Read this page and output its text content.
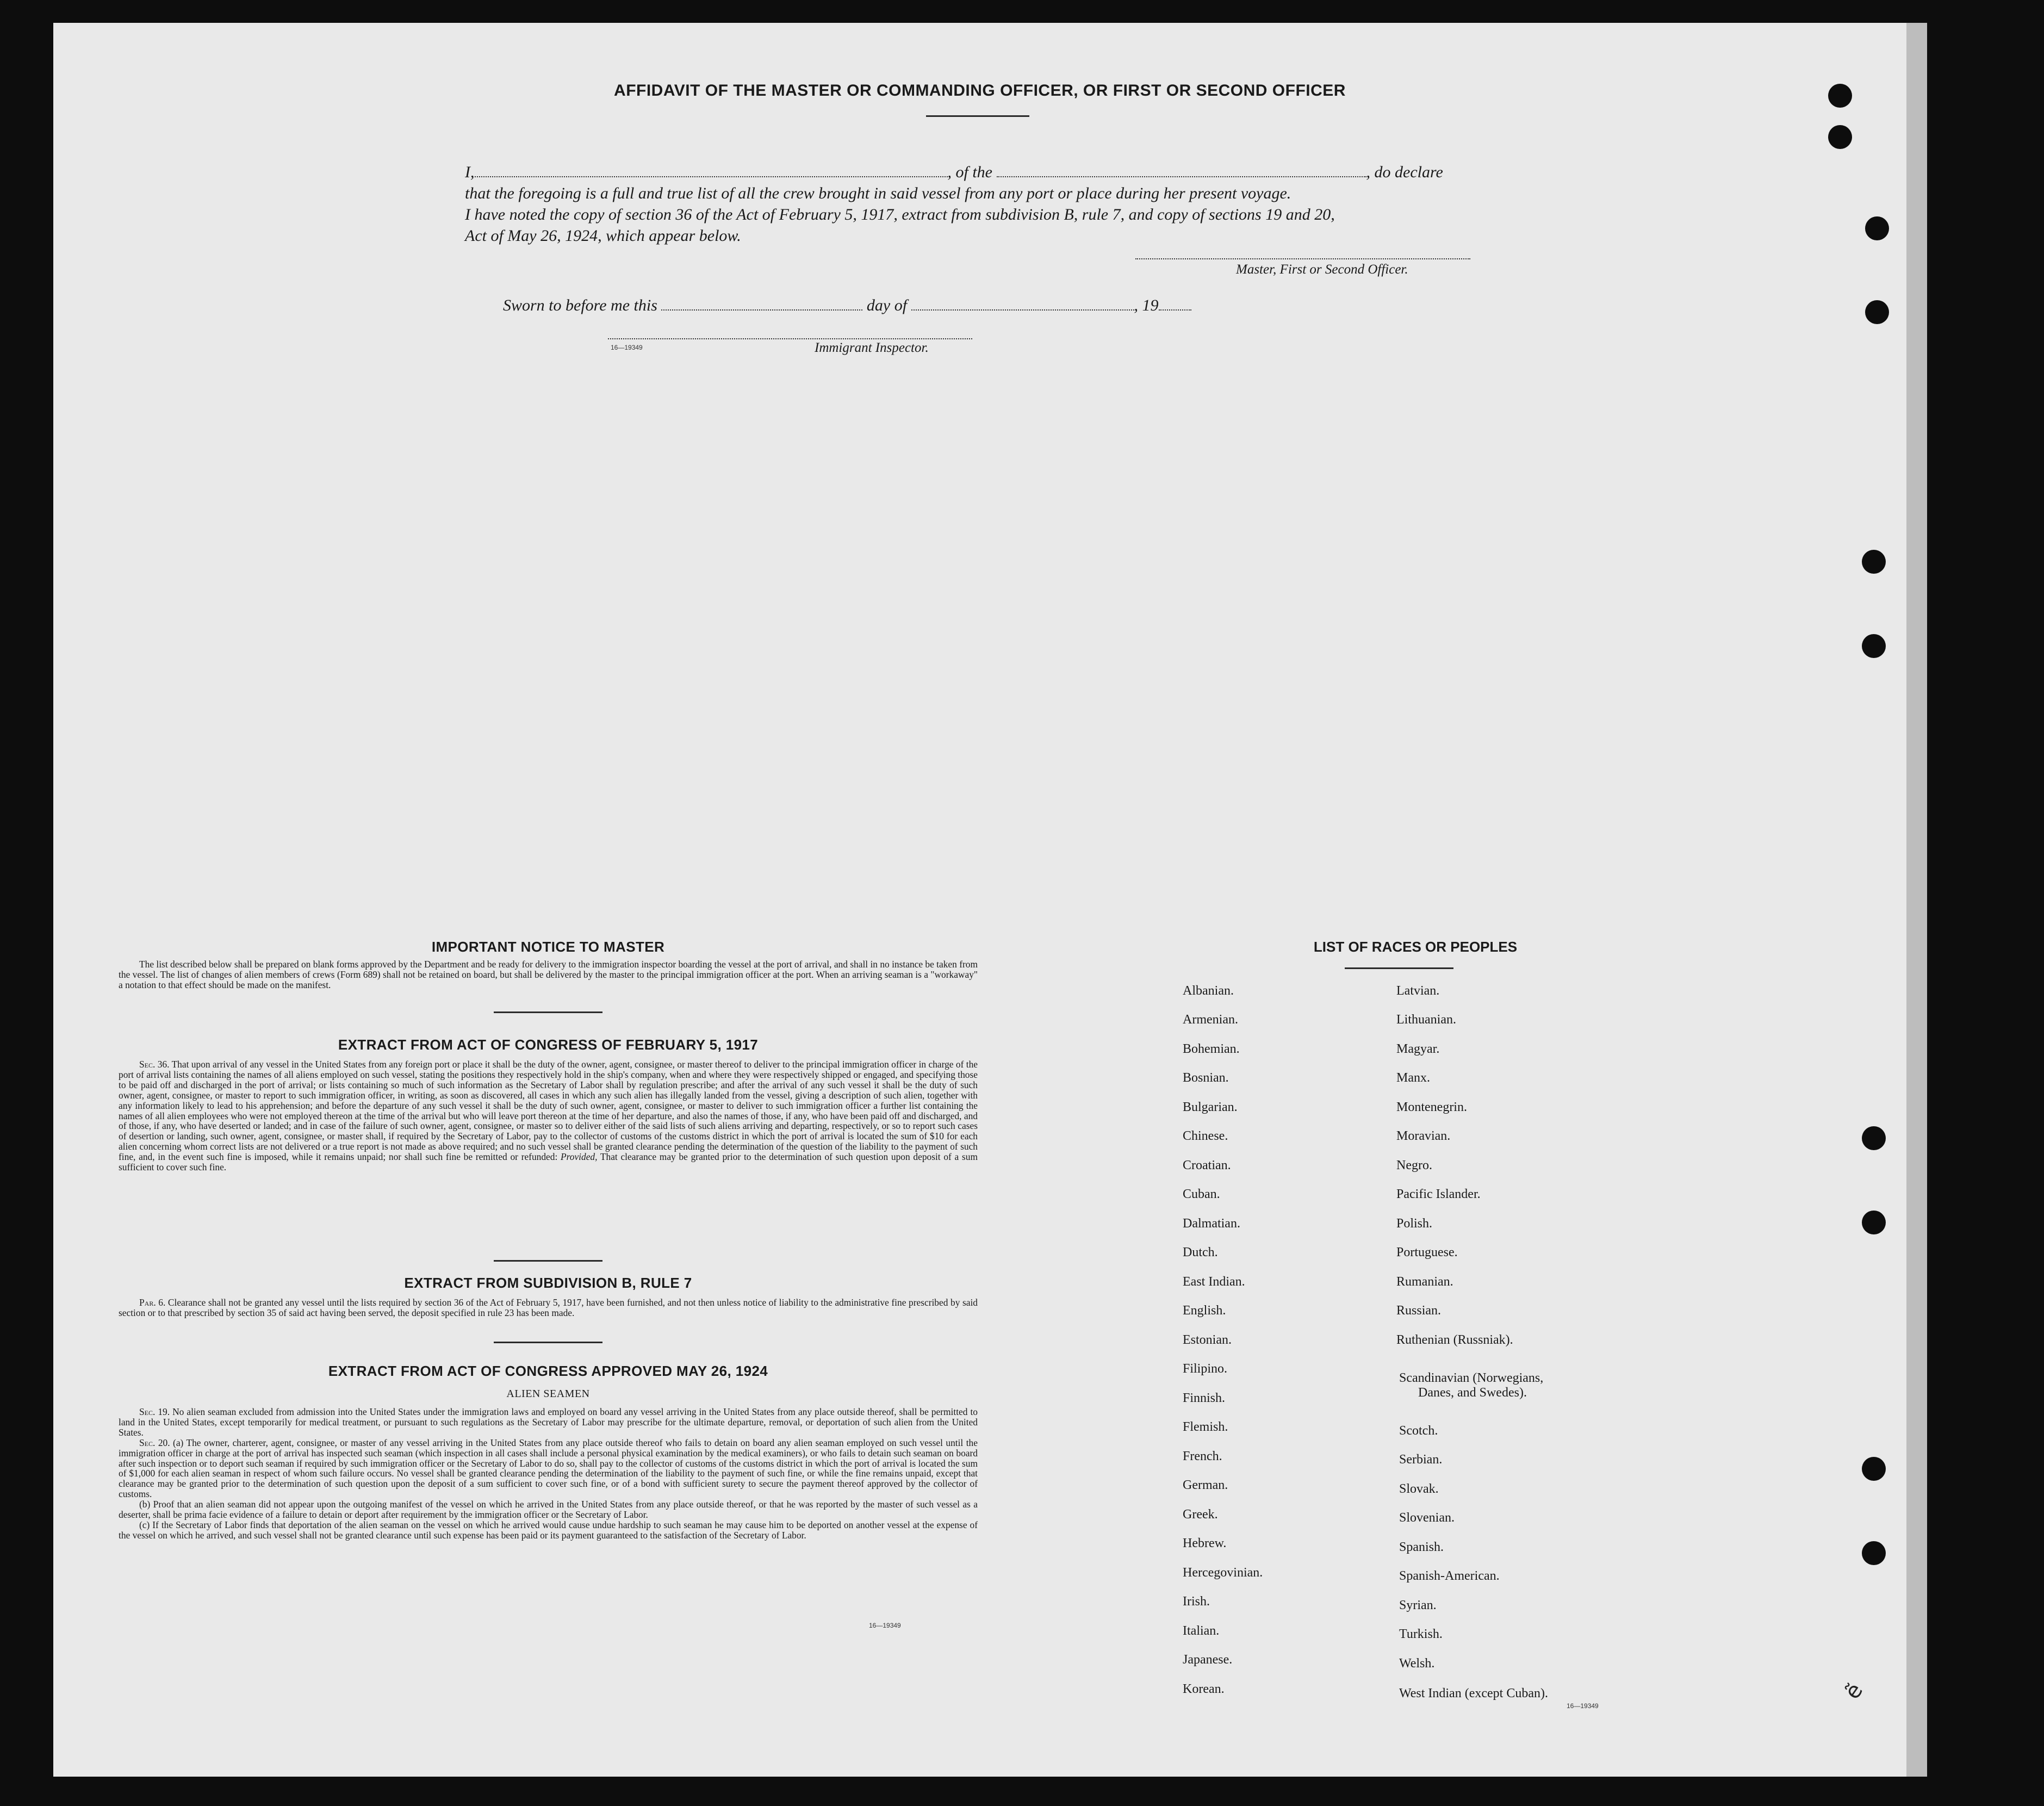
AFFIDAVIT OF THE MASTER OR COMMANDING OFFICER, OR FIRST OR SECOND OFFICER
I,	, of the	, do declare
that the foregoing is a full and true list of all the crew brought in said vessel from any port or place during her present voyage.
I have noted the copy of section 36 of the Act of February 5, 1917, extract from subdivision B, rule 7, and copy of sections 19 and 20,
Act of May 26, 1924, which appear below.
Master, First or Second Officer.
Sworn to before me this	day of	, 19
16—19349	Immigrant Inspector.
IMPORTANT NOTICE TO MASTER

The list described below shall be prepared on blank forms approved by the Department and be ready for delivery to the immigration inspector boarding the vessel at the port of arrival, and shall in no instance be taken from the vessel. The list of changes of alien members of crews (Form 689) shall not be retained on board, but shall be delivered by the master to the principal immigration officer at the port. When an arriving seaman is a "workaway" a notation to that effect should be made on the manifest.

EXTRACT FROM ACT OF CONGRESS OF FEBRUARY 5, 1917

Sec. 36. That upon arrival of any vessel in the United States from any foreign port or place it shall be the duty of the owner, agent, consignee, or master thereof to deliver to the principal immigration officer in charge of the port of arrival lists containing the names of all aliens employed on such vessel, stating the positions they respectively hold in the ship's company, when and where they were respectively shipped or engaged, and specifying those to be paid off and discharged in the port of arrival; or lists containing so much of such information as the Secretary of Labor shall by regulation prescribe; and after the arrival of any such vessel it shall be the duty of such owner, agent, consignee, or master to report to such immigration officer, in writing, as soon as discovered, all cases in which any such alien has illegally landed from the vessel, giving a description of such alien, together with any information likely to lead to his apprehension; and before the departure of any such vessel it shall be the duty of such owner, agent, consignee, or master to deliver to such immigration officer a further list containing the names of all alien employees who were not employed thereon at the time of the arrival but who will leave port thereon at the time of her departure, and also the names of those, if any, who have been paid off and discharged, and of those, if any, who have deserted or landed; and in case of the failure of such owner, agent, consignee, or master so to deliver either of the said lists of such aliens arriving and departing, respectively, or so to report such cases of desertion or landing, such owner, agent, consignee, or master shall, if required by the Secretary of Labor, pay to the collector of customs of the customs district in which the port of arrival is located the sum of $10 for each alien concerning whom correct lists are not delivered or a true report is not made as above required; and no such vessel shall be granted clearance pending the determination of the question of the liability to the payment of such fine, and, in the event such fine is imposed, while it remains unpaid; nor shall such fine be remitted or refunded: Provided, That clearance may be granted prior to the determination of such question upon deposit of a sum sufficient to cover such fine.

EXTRACT FROM SUBDIVISION B, RULE 7

Par. 6. Clearance shall not be granted any vessel until the lists required by section 36 of the Act of February 5, 1917, have been furnished, and not then unless notice of liability to the administrative fine prescribed by said section or to that prescribed by section 35 of said act having been served, the deposit specified in rule 23 has been made.

EXTRACT FROM ACT OF CONGRESS APPROVED MAY 26, 1924
ALIEN SEAMEN

Sec. 19. No alien seaman excluded from admission into the United States under the immigration laws and employed on board any vessel arriving in the United States from any place outside thereof, shall be permitted to land in the United States, except temporarily for medical treatment, or pursuant to such regulations as the Secretary of Labor may prescribe for the ultimate departure, removal, or deportation of such alien from the United States.

Sec. 20. (a) The owner, charterer, agent, consignee, or master of any vessel arriving in the United States from any place outside thereof who fails to detain on board any alien seaman employed on such vessel until the immigration officer in charge at the port of arrival has inspected such seaman (which inspection in all cases shall include a personal physical examination by the medical examiners), or who fails to detain such seaman on board after such inspection or to deport such seaman if required by such immigration officer or the Secretary of Labor to do so, shall pay to the collector of customs of the customs district in which the port of arrival is located the sum of $1,000 for each alien seaman in respect of whom such failure occurs. No vessel shall be granted clearance pending the determination of the liability to the payment of such fine, or while the fine remains unpaid, except that clearance may be granted prior to the determination of such question upon the deposit of a sum sufficient to cover such fine, or of a bond with sufficient surety to secure the payment thereof approved by the collector of customs.

(b) Proof that an alien seaman did not appear upon the outgoing manifest of the vessel on which he arrived in the United States from any place outside thereof, or that he was reported by the master of such vessel as a deserter, shall be prima facie evidence of a failure to detain or deport after requirement by the immigration officer or the Secretary of Labor.

(c) If the Secretary of Labor finds that deportation of the alien seaman on the vessel on which he arrived would cause undue hardship to such seaman he may cause him to be deported on another vessel at the expense of the vessel on which he arrived, and such vessel shall not be granted clearance until such expense has been paid or its payment guaranteed to the satisfaction of the Secretary of Labor.

16—19349
LIST OF RACES OR PEOPLES
Albanian.
Armenian.
Bohemian.
Bosnian.
Bulgarian.
Chinese.
Croatian.
Cuban.
Dalmatian.
Dutch.
East Indian.
English.
Estonian.
Filipino.
Finnish.
Flemish.
French.
German.
Greek.
Hebrew.
Hercegovinian.
Irish.
Italian.
Japanese.
Korean.
Latvian.
Lithuanian.
Magyar.
Manx.
Montenegrin.
Moravian.
Negro.
Pacific Islander.
Polish.
Portuguese.
Rumanian.
Russian.
Ruthenian (Russniak).
Scandinavian (Norwegians,
Danes, and Swedes).
Scotch.
Serbian.
Slovak.
Slovenian.
Spanish.
Spanish-American.
Syrian.
Turkish.
Welsh.
West Indian (except Cuban).
16—19349
ẽ
